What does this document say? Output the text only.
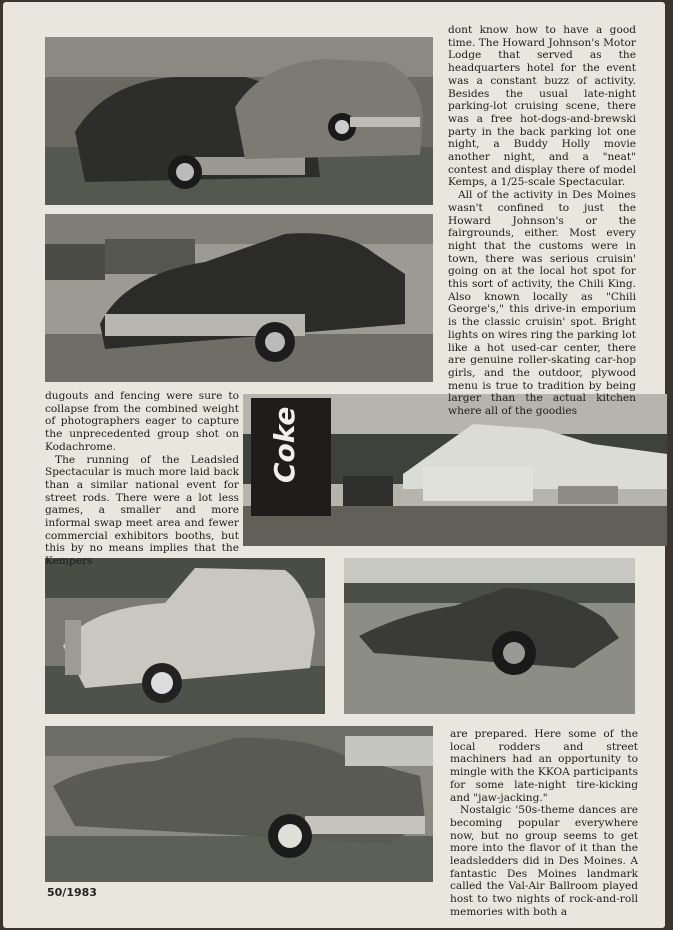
Coke

dont know how to have a good time. The Howard Johnson's Motor Lodge that served as the headquarters hotel for the event was a constant buzz of activity. Besides the usual late-night parking-lot cruising scene, there was a free hot-dogs-and-brewski party in the back parking lot one night, a Buddy Holly movie another night, and a "neat" contest and display there of model Kemps, a 1/25-scale Spectacular.

All of the activity in Des Moines wasn't confined to just the Howard Johnson's or the fairgrounds, either. Most every night that the customs were in town, there was serious cruisin' going on at the local hot spot for this sort of activity, the Chili King. Also known locally as "Chili George's," this drive-in emporium is the classic cruisin' spot. Bright lights on wires ring the parking lot like a hot used-car center, there are genuine roller-skating car-hop girls, and the outdoor, plywood menu is true to tradition by being larger than the actual kitchen where all of the goodies

dugouts and fencing were sure to collapse from the combined weight of photographers eager to capture the unprecedented group shot on Kodachrome.

The running of the Leadsled Spectacular is much more laid back than a similar national event for street rods. There were a lot less games, a smaller and more informal swap meet area and fewer commercial exhibitors booths, but this by no means implies that the Kempers

are prepared. Here some of the local rodders and street machiners had an opportunity to mingle with the KKOA participants for some late-night tire-kicking and "jaw-jacking."

Nostalgic '50s-theme dances are becoming popular everywhere now, but no group seems to get more into the flavor of it than the leadsledders did in Des Moines. A fantastic Des Moines landmark called the Val-Air Ballroom played host to two nights of rock-and-roll memories with both a

50/1983
